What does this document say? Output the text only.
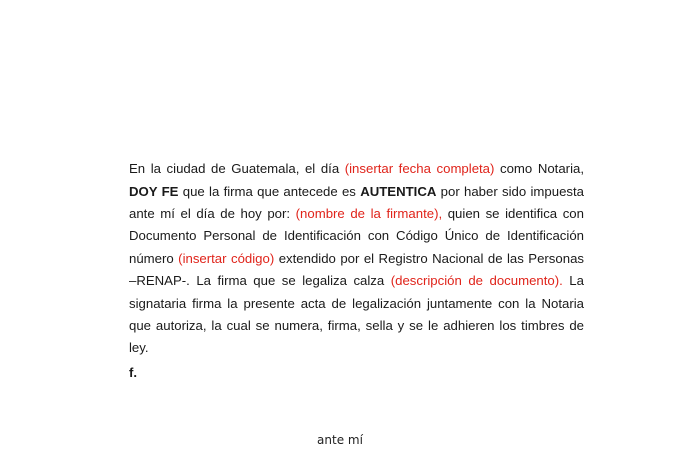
En la ciudad de Guatemala, el día (insertar fecha completa) como Notaria, DOY FE que la firma que antecede es AUTENTICA por haber sido impuesta ante mí el día de hoy por: (nombre de la firmante), quien se identifica con Documento Personal de Identificación con Código Único de Identificación número (insertar código) extendido por el Registro Nacional de las Personas –RENAP-. La firma que se legaliza calza (descripción de documento). La signataria firma la presente acta de legalización juntamente con la Notaria que autoriza, la cual se numera, firma, sella y se le adhieren los timbres de ley.

f.
ante mí
